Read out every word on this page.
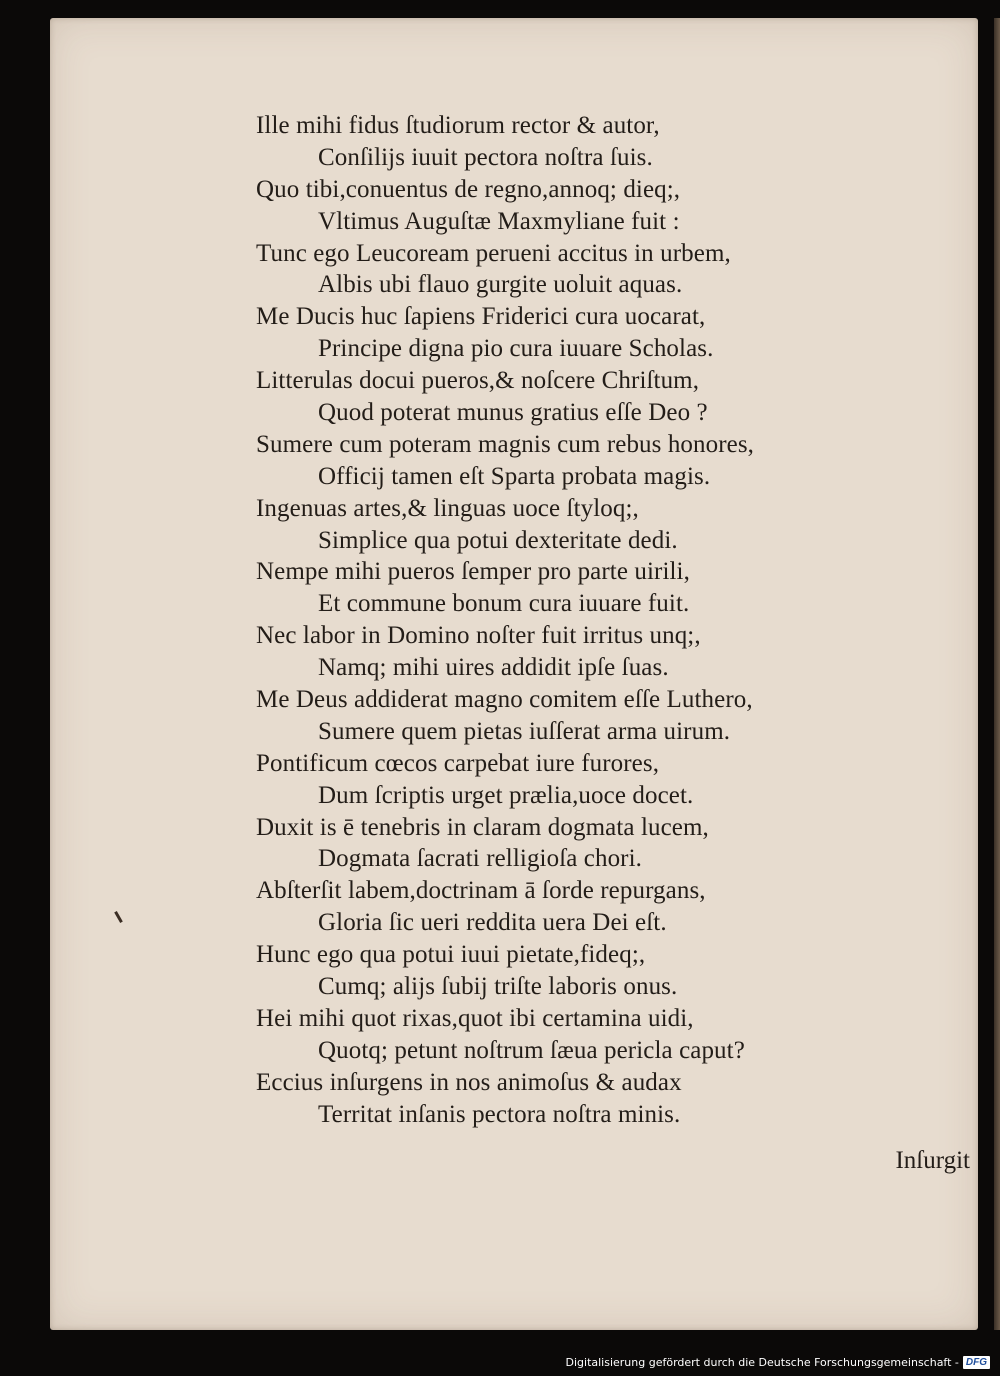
Ille mihi fidus ſtudiorum rector & autor,
Conſilijs iuuit pectora noſtra ſuis.
Quo tibi,conuentus de regno,annoq; dieq;,
Vltimus Auguſtæ Maxmyliane fuit :
Tunc ego Leucoream perueni accitus in urbem,
Albis ubi flauo gurgite uoluit aquas.
Me Ducis huc ſapiens Friderici cura uocarat,
Principe digna pio cura iuuare Scholas.
Litterulas docui pueros,& noſcere Chriſtum,
Quod poterat munus gratius eſſe Deo ?
Sumere cum poteram magnis cum rebus honores,
Officij tamen eſt Sparta probata magis.
Ingenuas artes,& linguas uoce ſtyloq;,
Simplice qua potui dexteritate dedi.
Nempe mihi pueros ſemper pro parte uirili,
Et commune bonum cura iuuare fuit.
Nec labor in Domino noſter fuit irritus unq;,
Namq; mihi uires addidit ipſe ſuas.
Me Deus addiderat magno comitem eſſe Luthero,
Sumere quem pietas iuſſerat arma uirum.
Pontificum cœcos carpebat iure furores,
Dum ſcriptis urget prælia,uoce docet.
Duxit is ē tenebris in claram dogmata lucem,
Dogmata ſacrati relligioſa chori.
Abſterſit labem,doctrinam ā ſorde repurgans,
Gloria ſic ueri reddita uera Dei eſt.
Hunc ego qua potui iuui pietate,fideq;,
Cumq; alijs ſubij triſte laboris onus.
Hei mihi quot rixas,quot ibi certamina uidi,
Quotq; petunt noſtrum ſæua pericla caput?
Eccius inſurgens in nos animoſus & audax
Territat inſanis pectora noſtra minis.
Inſurgit
Digitalisierung gefördert durch die Deutsche Forschungsgemeinschaft - DFG
